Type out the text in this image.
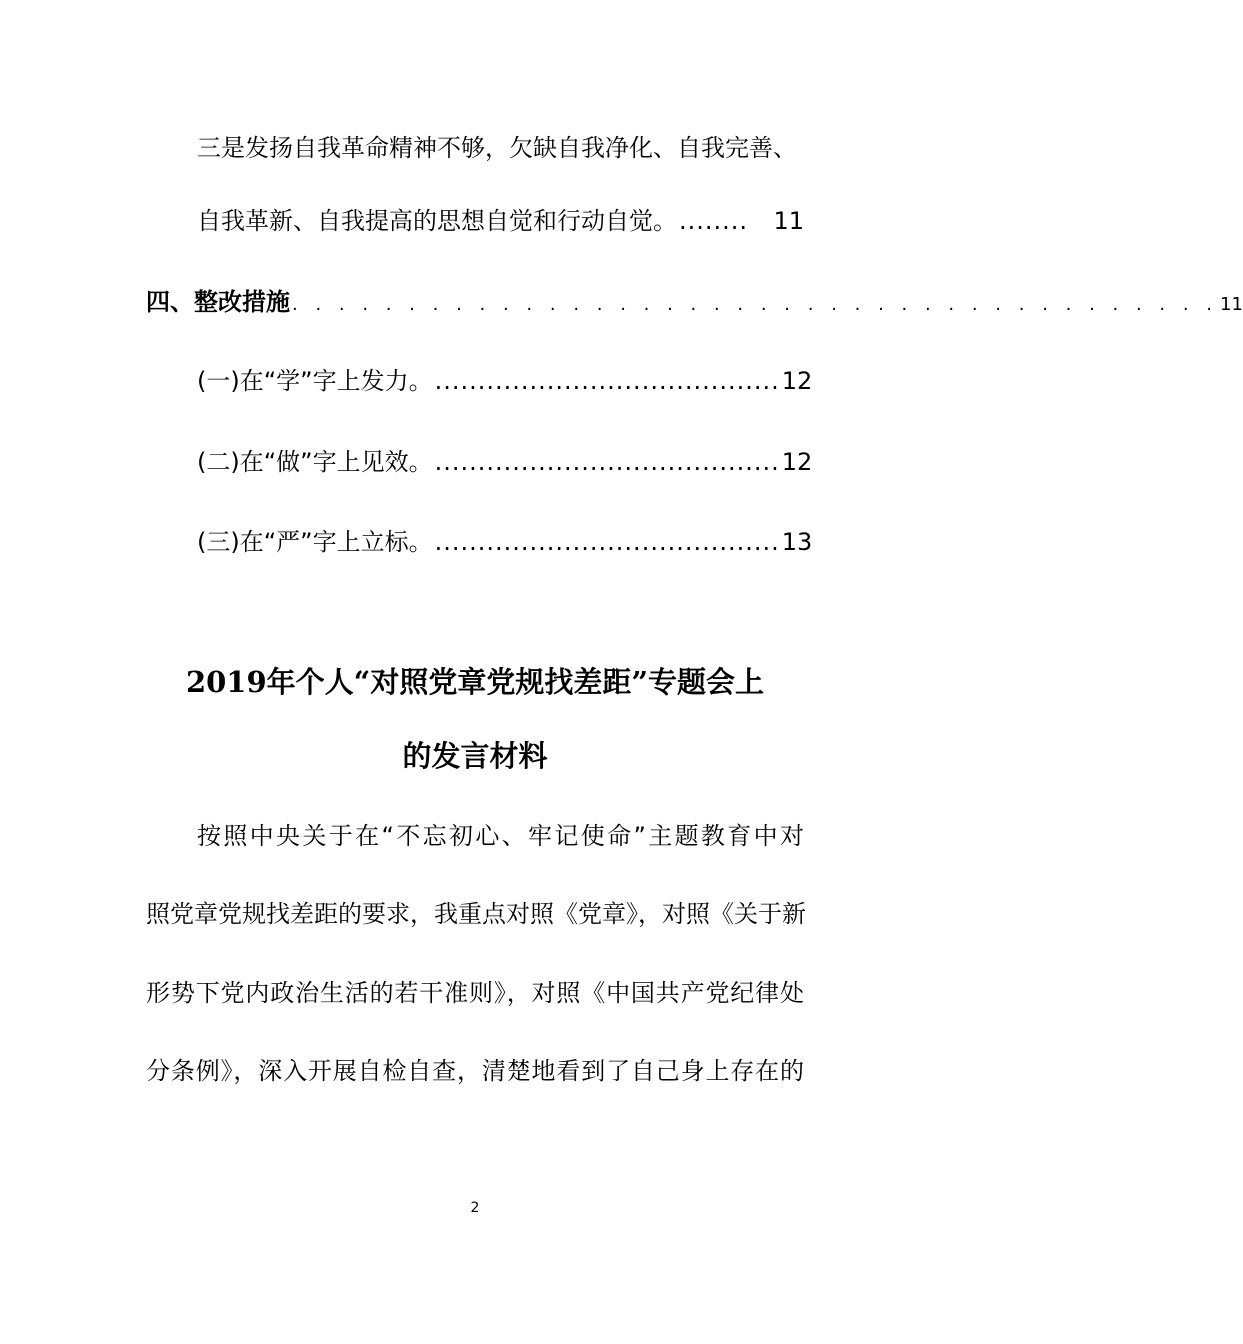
三是发扬自我革命精神不够，欠缺自我净化、自我完善、
自我革新、自我提高的思想自觉和行动自觉。 ........	11
四、整改措施 . . . . . . . . . . . . . . . . . . . . . . . . . . . . . . . . . . . . . . . . 11
(一)在“学”字上发力。 ........................................ 12
(二)在“做”字上见效。 ........................................ 12
(三)在“严”字上立标。 ........................................ 13
2019年个人“对照党章党规找差距”专题会上
的发言材料
按照中央关于在“不忘初心、牢记使命”主题教育中对
照党章党规找差距的要求，我重点对照《党章》，对照《关于新
形势下党内政治生活的若干准则》，对照《中国共产党纪律处
分条例》，深入开展自检自查，清楚地看到了自己身上存在的
2
